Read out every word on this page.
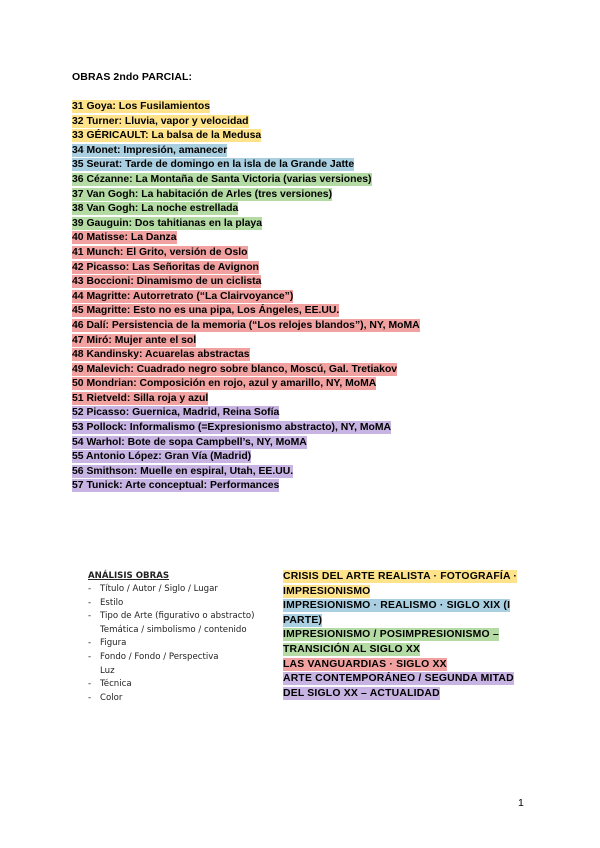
OBRAS 2ndo PARCIAL:
31 Goya: Los Fusilamientos
32 Turner: Lluvia, vapor y velocidad
33 GÉRICAULT: La balsa de la Medusa
34 Monet: Impresión, amanecer
35 Seurat: Tarde de domingo en la isla de la Grande Jatte
36 Cézanne: La Montaña de Santa Victoria (varias versiones)
37 Van Gogh: La habitación de Arles (tres versiones)
38 Van Gogh: La noche estrellada
39 Gauguin: Dos tahitianas en la playa
40 Matisse: La Danza
41 Munch: El Grito, versión de Oslo
42 Picasso: Las Señoritas de Avignon
43 Boccioni: Dinamismo de un ciclista
44 Magritte: Autorretrato (“La Clairvoyance”)
45 Magritte: Esto no es una pipa, Los Ángeles, EE.UU.
46 Dalí: Persistencia de la memoria (“Los relojes blandos”), NY, MoMA
47 Miró: Mujer ante el sol
48 Kandinsky: Acuarelas abstractas
49 Malevich: Cuadrado negro sobre blanco, Moscú, Gal. Tretiakov
50 Mondrian: Composición en rojo, azul y amarillo, NY, MoMA
51 Rietveld: Silla roja y azul
52 Picasso: Guernica, Madrid, Reina Sofía
53 Pollock: Informalismo (=Expresionismo abstracto), NY, MoMA
54 Warhol: Bote de sopa Campbell’s, NY, MoMA
55 Antonio López: Gran Vía (Madrid)
56 Smithson: Muelle en espiral, Utah, EE.UU.
57 Tunick: Arte conceptual: Performances
ANÁLISIS OBRAS
- Título / Autor / Siglo / Lugar
- Estilo
- Tipo de Arte (figurativo o abstracto)
Temática / simbolismo / contenido
- Figura
- Fondo / Fondo / Perspectiva
Luz
- Técnica
- Color
CRISIS DEL ARTE REALISTA · FOTOGRAFÍA · IMPRESIONISMO
IMPRESIONISMO · REALISMO · SIGLO XIX (I PARTE)
IMPRESIONISMO / POSIMPRESIONISMO – TRANSICIÓN AL SIGLO XX
LAS VANGUARDIAS · SIGLO XX
ARTE CONTEMPORÁNEO / SEGUNDA MITAD DEL SIGLO XX – ACTUALIDAD
1
